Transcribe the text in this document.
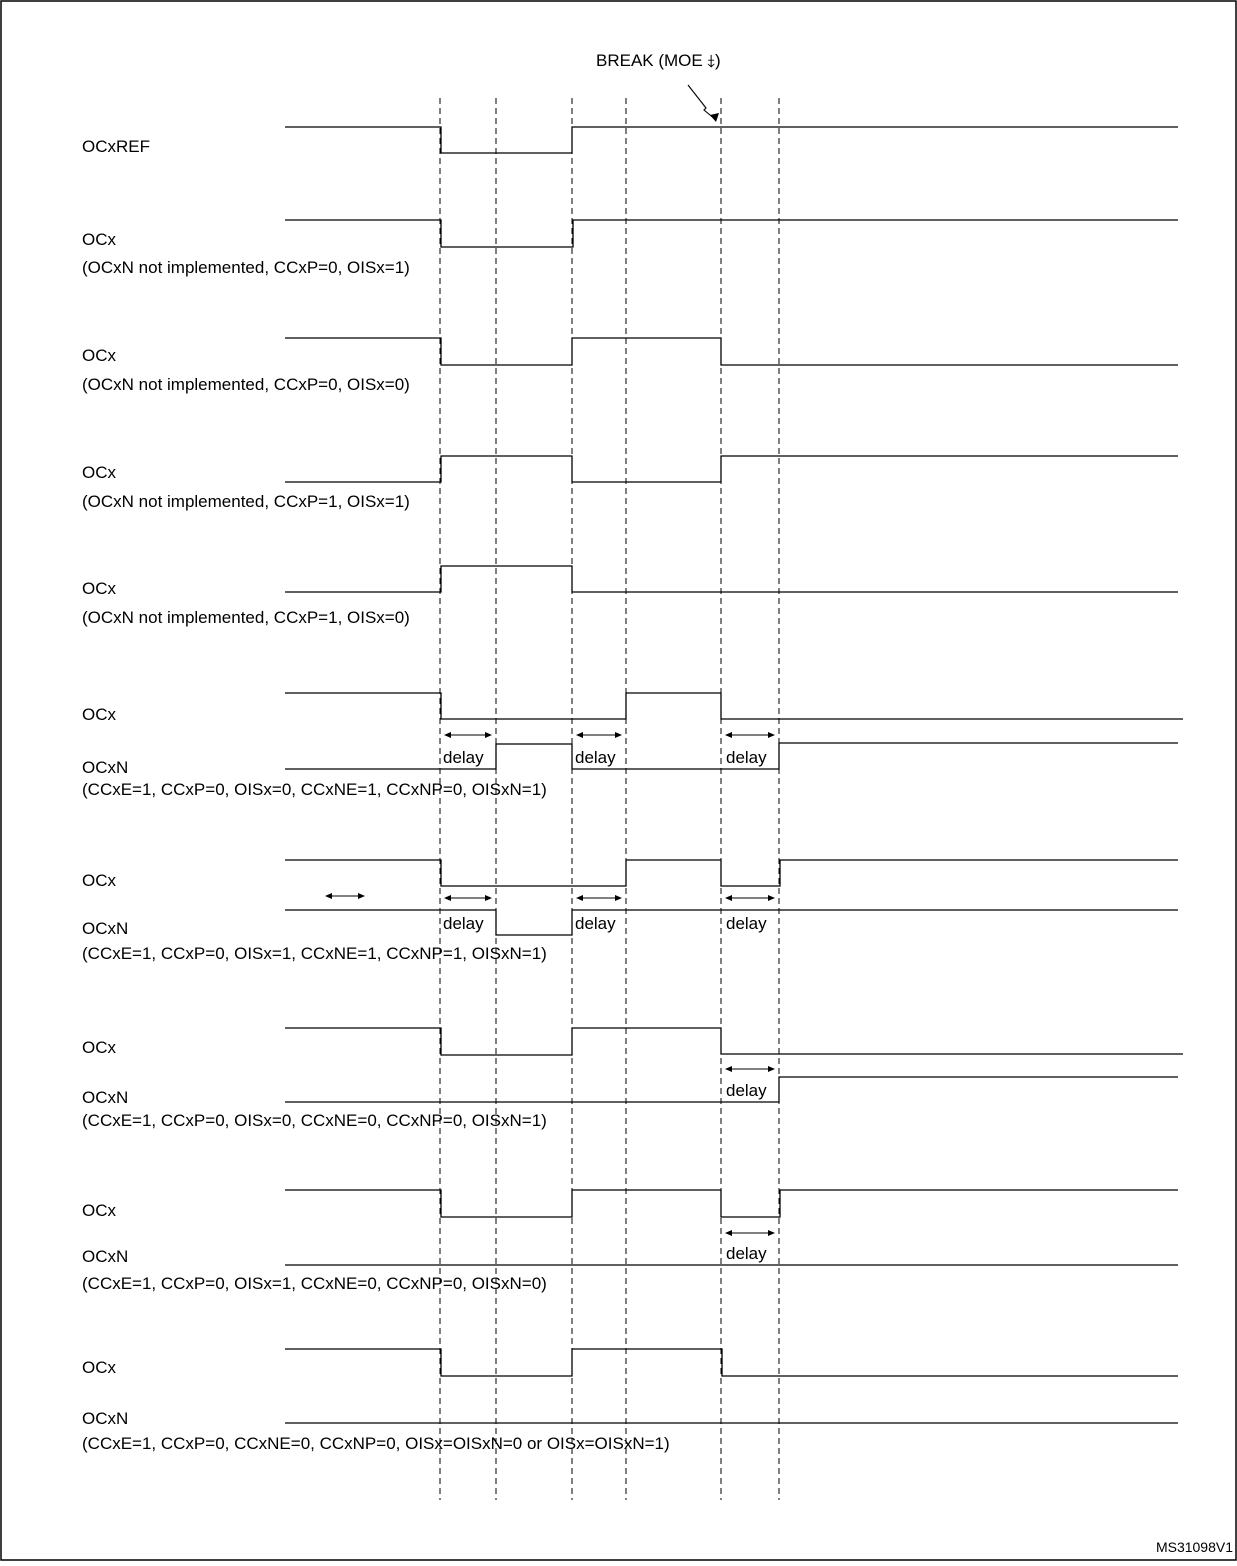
BREAK (MOE ⤈)
OCxREF
OCx
(OCxN not implemented, CCxP=0, OISx=1)
OCx
(OCxN not implemented, CCxP=0, OISx=0)
OCx
(OCxN not implemented, CCxP=1, OISx=1)
OCx
(OCxN not implemented, CCxP=1, OISx=0)
OCx
OCxN
(CCxE=1, CCxP=0, OISx=0, CCxNE=1, CCxNP=0, OISxN=1)
delay	delay	delay
OCx
OCxN
(CCxE=1, CCxP=0, OISx=1, CCxNE=1, CCxNP=1, OISxN=1)
delay	delay	delay
OCx
OCxN
(CCxE=1, CCxP=0, OISx=0, CCxNE=0, CCxNP=0, OISxN=1)
delay
OCx
OCxN
(CCxE=1, CCxP=0, OISx=1, CCxNE=0, CCxNP=0, OISxN=0)
delay
OCx
OCxN
(CCxE=1, CCxP=0, CCxNE=0, CCxNP=0, OISx=OISxN=0 or OISx=OISxN=1)
MS31098V1
